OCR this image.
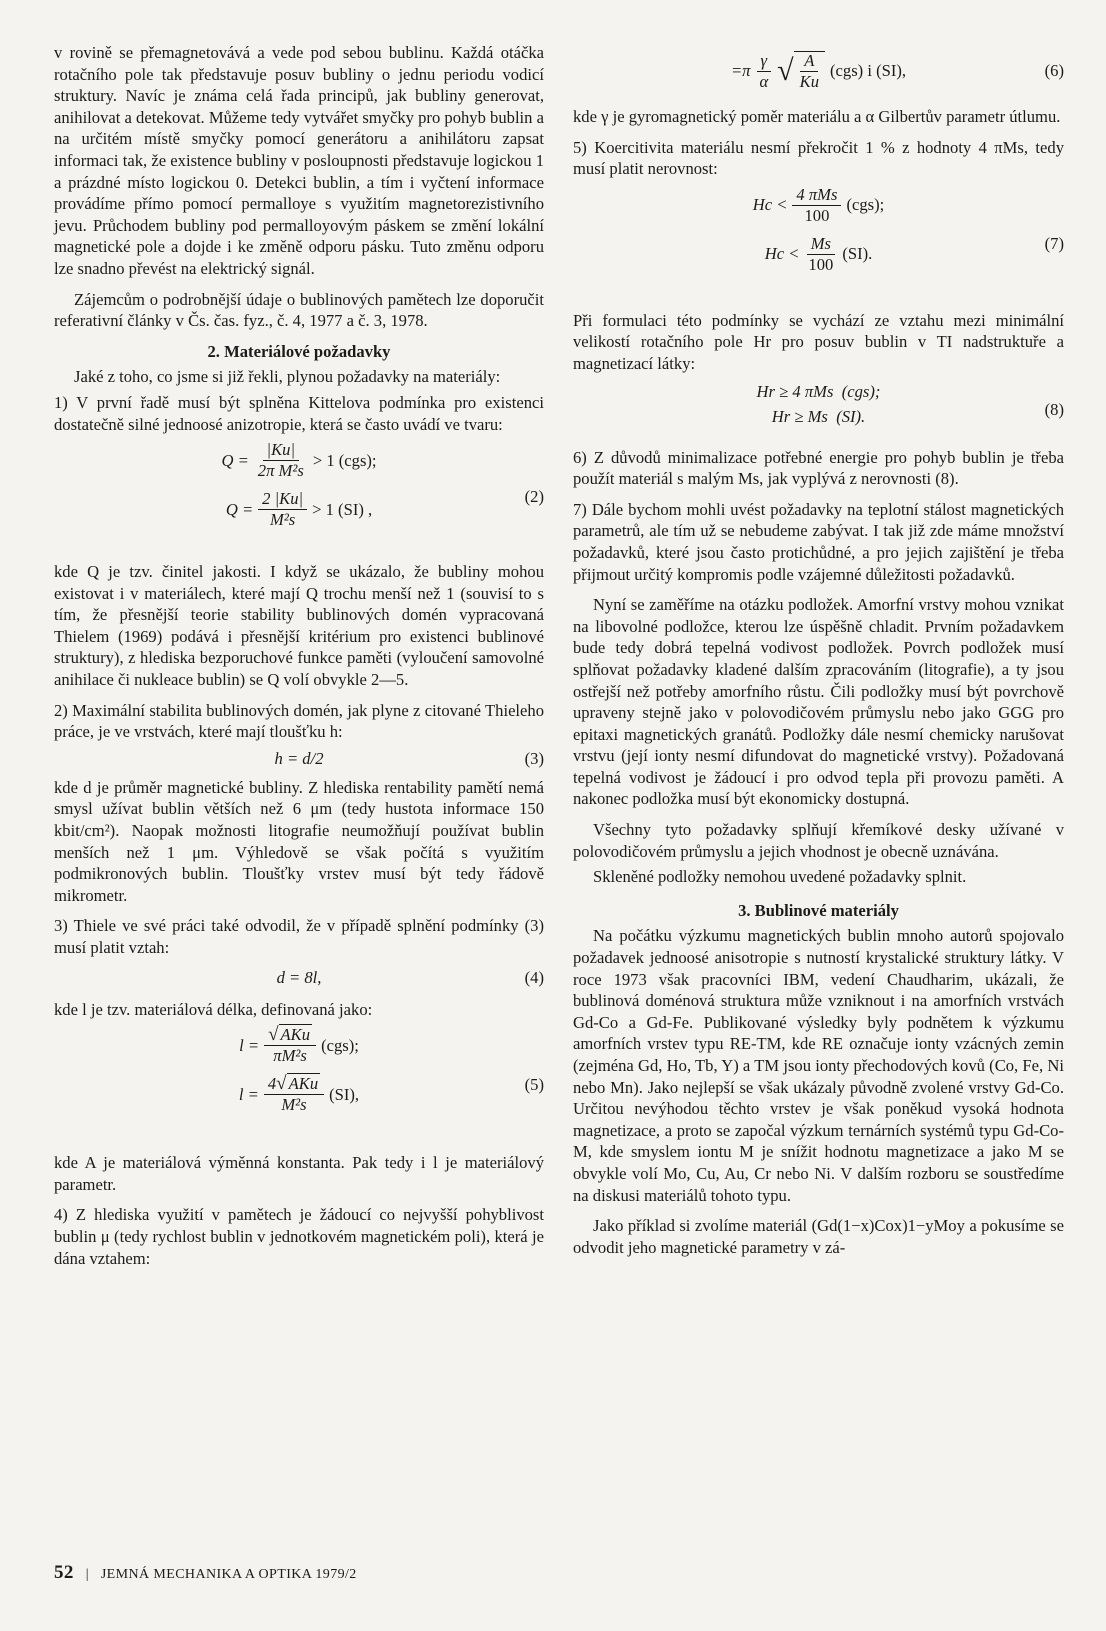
v rovině se přemagnetovává a vede pod sebou bublinu. Každá otáčka rotačního pole tak představuje posuv bubliny o jednu periodu vodicí struktury. Navíc je známa celá řada principů, jak bubliny generovat, anihilovat a detekovat. Můžeme tedy vytvářet smyčky pro pohyb bublin a na určitém místě smyčky pomocí generátoru a anihilátoru zapsat informaci tak, že existence bubliny v posloupnosti představuje logickou 1 a prázdné místo logickou 0. Detekci bublin, a tím i vyčtení informace provádíme přímo pomocí permalloye s využitím magnetorezistivního jevu. Průchodem bubliny pod permalloyovým páskem se změní lokální magnetické pole a dojde i ke změně odporu pásku. Tuto změnu odporu lze snadno převést na elektrický signál.

Zájemcům o podrobnější údaje o bublinových pamětech lze doporučit referativní články v Čs. čas. fyz., č. 4, 1977 a č. 3, 1978.

2. Materiálové požadavky

Jaké z toho, co jsme si již řekli, plynou požadavky na materiály:

1) V první řadě musí být splněna Kittelova podmínka pro existenci dostatečně silné jednoosé anizotropie, která se často uvádí ve tvaru:

$Q = \frac{|Ku|}{\text{2π M²s}} > 1$ (cgs);
$Q = \frac{2 |Ku|}{\text{M²s}} > 1$ (SI) ,
(2)

kde Q je tzv. činitel jakosti. I když se ukázalo, že bubliny mohou existovat i v materiálech, které mají Q trochu menší než 1 (souvisí to s tím, že přesnější teorie stability bublinových domén vypracovaná Thielem (1969) podává i přesnější kritérium pro existenci bublinové struktury), z hlediska bezporuchové funkce paměti (vyloučení samovolné anihilace či nukleace bublin) se Q volí obvykle 2—5.

2) Maximální stabilita bublinových domén, jak plyne z citované Thieleho práce, je ve vrstvách, které mají tloušťku h:

h = d/2	(3)

kde d je průměr magnetické bubliny. Z hlediska rentability pamětí nemá smysl užívat bublin větších než 6 μm (tedy hustota informace 150 kbit/cm²). Naopak možnosti litografie neumožňují používat bublin menších než 1 μm. Výhledově se však počítá s využitím podmikronových bublin. Tloušťky vrstev musí být tedy řádově mikrometr.

3) Thiele ve své práci také odvodil, že v případě splnění podmínky (3) musí platit vztah:

d = 8l,	(4)

kde l je tzv. materiálová délka, definovaná jako:

$l = \frac{\text{√ AKu}}{\text{πM²s}} (cgs)$;
$l = \frac{\text{4√ AKu}}{\text{M²s}} (SI)$,	(5)

kde A je materiálová výměnná konstanta. Pak tedy i l je materiálový parametr.

4) Z hlediska využití v pamětech je žádoucí co nejvyšší pohyblivost bublin μ (tedy rychlost bublin v jednotkovém magnetickém poli), která je dána vztahem:

$=\pi \frac{\gamma}{\alpha}$ √ $\frac{A}{Ku} (cgs)$ i (SI),	(6)

kde γ je gyromagnetický poměr materiálu a α Gilbertův parametr útlumu.

5) Koercitivita materiálu nesmí překročit 1 % z hodnoty 4 πMs, tedy musí platit nerovnost:

$Hc < \frac{\text{4 πMs}}{100} (cgs)$;
$Hc < \frac{Ms}{100} (SI)$.
(7)

Při formulaci této podmínky se vychází ze vztahu mezi minimální velikostí rotačního pole Hr pro posuv bublin v TI nadstruktuře a magnetizací látky:

Hr ≥ 4 πMs  (cgs);
Hr ≥ Ms  (SI).	(8)

6) Z důvodů minimalizace potřebné energie pro pohyb bublin je třeba použít materiál s malým Ms, jak vyplývá z nerovnosti (8).

7) Dále bychom mohli uvést požadavky na teplotní stálost magnetických parametrů, ale tím už se nebudeme zabývat. I tak již zde máme množství požadavků, které jsou často protichůdné, a pro jejich zajištění je třeba přijmout určitý kompromis podle vzájemné důležitosti požadavků.

Nyní se zaměříme na otázku podložek. Amorfní vrstvy mohou vznikat na libovolné podložce, kterou lze úspěšně chladit. Prvním požadavkem bude tedy dobrá tepelná vodivost podložek. Povrch podložek musí splňovat požadavky kladené dalším zpracováním (litografie), a ty jsou ostřejší než potřeby amorfního růstu. Čili podložky musí být povrchově upraveny stejně jako v polovodičovém průmyslu nebo jako GGG pro epitaxi magnetických granátů. Podložky dále nesmí chemicky narušovat vrstvu (její ionty nesmí difundovat do magnetické vrstvy). Požadovaná tepelná vodivost je žádoucí i pro odvod tepla při provozu paměti. A nakonec podložka musí být ekonomicky dostupná.

Všechny tyto požadavky splňují křemíkové desky užívané v polovodičovém průmyslu a jejich vhodnost je obecně uznávána.

Skleněné podložky nemohou uvedené požadavky splnit.

3. Bublinové materiály

Na počátku výzkumu magnetických bublin mnoho autorů spojovalo požadavek jednoosé anisotropie s nutností krystalické struktury látky. V roce 1973 však pracovníci IBM, vedení Chaudharim, ukázali, že bublinová doménová struktura může vzniknout i na amorfních vrstvách Gd-Co a Gd-Fe. Publikované výsledky byly podnětem k výzkumu amorfních vrstev typu RE-TM, kde RE označuje ionty vzácných zemin (zejména Gd, Ho, Tb, Y) a TM jsou ionty přechodových kovů (Co, Fe, Ni nebo Mn). Jako nejlepší se však ukázaly původně zvolené vrstvy Gd-Co. Určitou nevýhodou těchto vrstev je však poněkud vysoká hodnota magnetizace, a proto se započal výzkum ternárních systémů typu Gd-Co-M, kde smyslem iontu M je snížit hodnotu magnetizace a jako M se obvykle volí Mo, Cu, Au, Cr nebo Ni. V dalším rozboru se soustředíme na diskusi materiálů tohoto typu.

Jako příklad si zvolíme materiál (Gd(1−x)Cox)1−yMoy a pokusíme se odvodit jeho magnetické parametry v zá-

52 | JEMNÁ MECHANIKA A OPTIKA 1979/2
